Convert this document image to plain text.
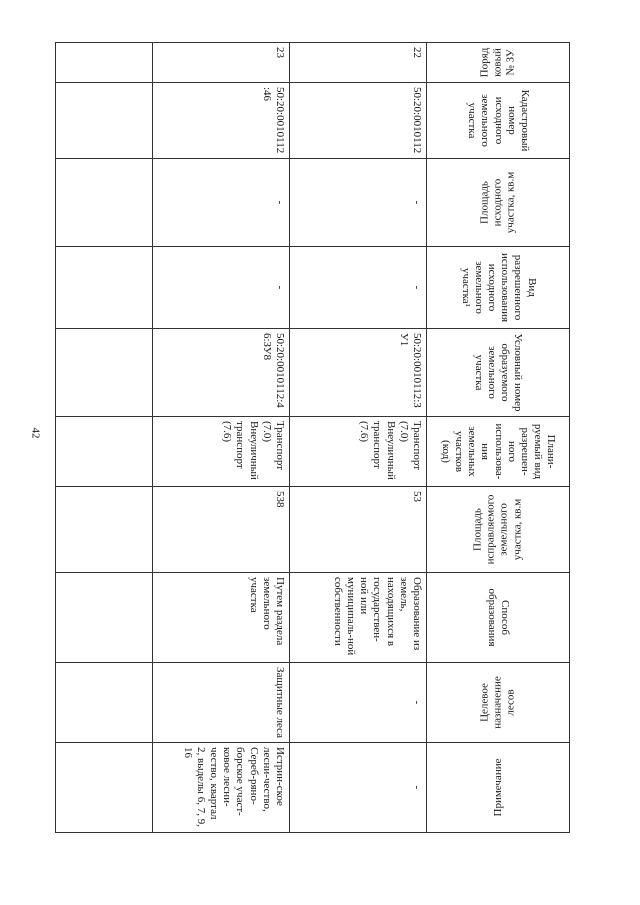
42
Порядковый № ЗУ	Кадастровый номер исходного земельного участка	Площадь исходного участка, кв.м	Вид разрешенного использования исходного земельного участка¹	Условный номер образуемого земельного участка	Плани-руемый вид разрешен-ного использова-ния земельных участков (код)	Площадь исправляемого земельного участка, кв.м	Способ образования	Целевое назначение лесов	Примечание

22	50:20:0010112	-	-	50:20:0010112:ЗУ1	Транспорт (7.0) Внеуличный транспорт (7.6)	53	Образование из земель, находящихся в государствен-ной или муниципаль-ной собственности	-	-
23	50:20:0010112:46	-	-	50:20:0010112:46:ЗУ8	Транспорт (7.0) Внеуличный транспорт (7.6)	538	Путем раздела земельного участка	Защитные леса	Истрин-ское лесни-чество, Сереб-ряно-борское участ-ковое лесни-чество, квартал 2, выделы 6, 7, 9, 16
